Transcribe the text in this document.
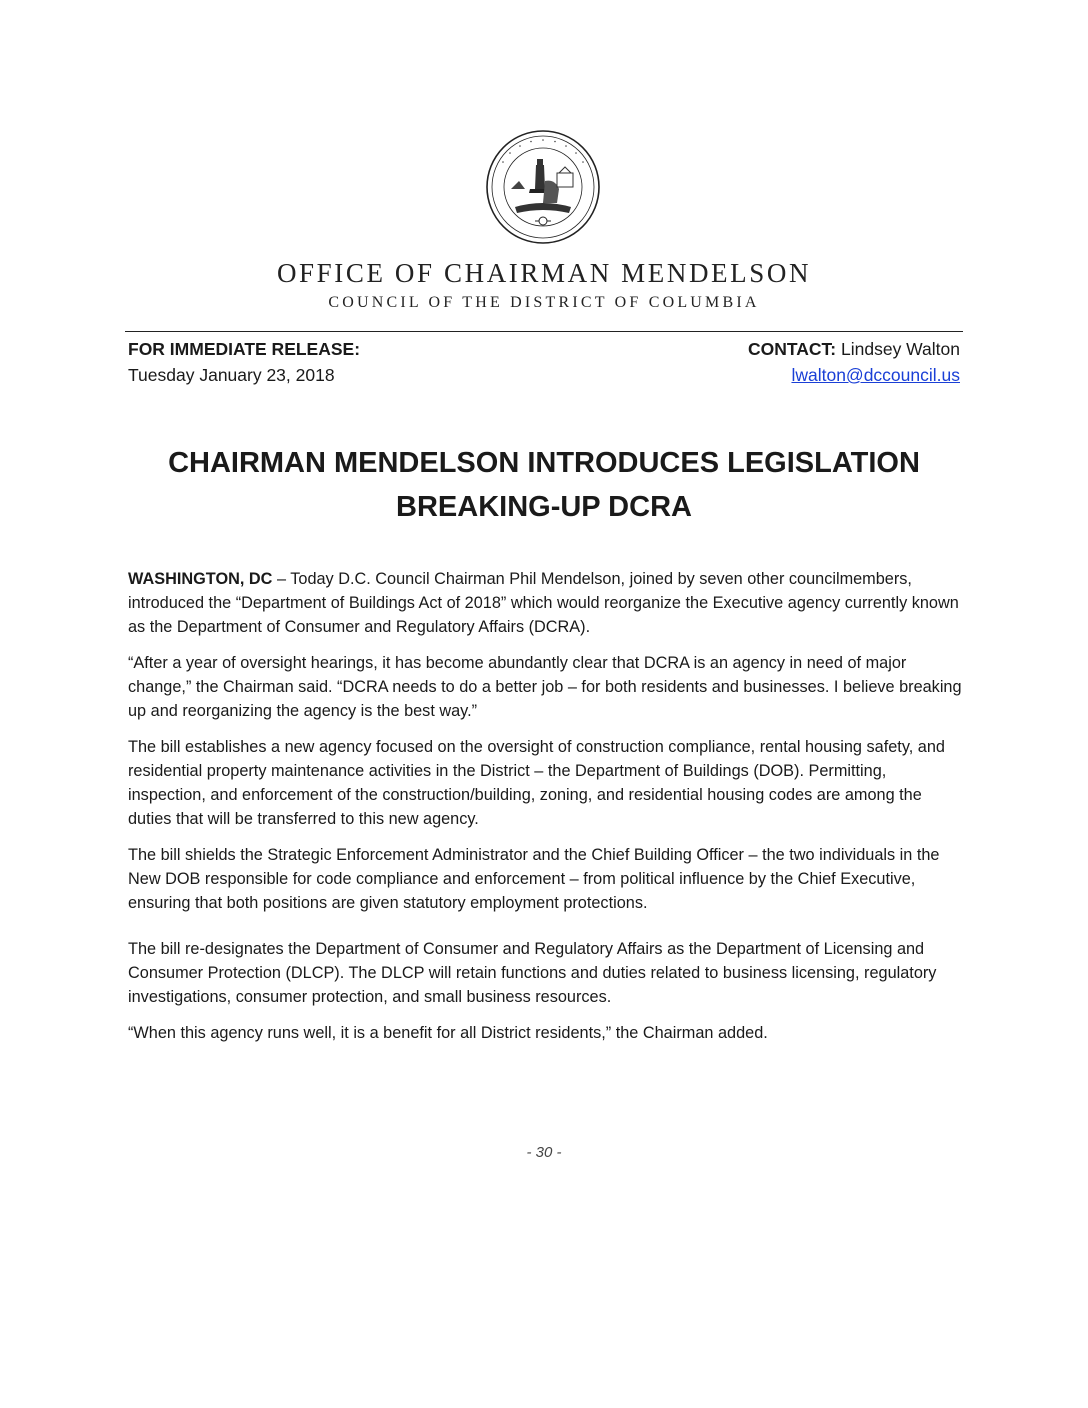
OFFICE OF CHAIRMAN MENDELSON
COUNCIL OF THE DISTRICT OF COLUMBIA
FOR IMMEDIATE RELEASE:
Tuesday January 23, 2018
CONTACT: Lindsey Walton
lwalton@dccouncil.us
CHAIRMAN MENDELSON INTRODUCES LEGISLATION
BREAKING-UP DCRA

WASHINGTON, DC – Today D.C. Council Chairman Phil Mendelson, joined by seven other councilmembers, introduced the “Department of Buildings Act of 2018” which would reorganize the Executive agency currently known as the Department of Consumer and Regulatory Affairs (DCRA).

“After a year of oversight hearings, it has become abundantly clear that DCRA is an agency in need of major change,” the Chairman said. “DCRA needs to do a better job – for both residents and businesses. I believe breaking up and reorganizing the agency is the best way.”

The bill establishes a new agency focused on the oversight of construction compliance, rental housing safety, and residential property maintenance activities in the District – the Department of Buildings (DOB). Permitting, inspection, and enforcement of the construction/building, zoning, and residential housing codes are among the duties that will be transferred to this new agency.

The bill shields the Strategic Enforcement Administrator and the Chief Building Officer – the two individuals in the New DOB responsible for code compliance and enforcement – from political influence by the Chief Executive, ensuring that both positions are given statutory employment protections.

The bill re-designates the Department of Consumer and Regulatory Affairs as the Department of Licensing and Consumer Protection (DLCP). The DLCP will retain functions and duties related to business licensing, regulatory investigations, consumer protection, and small business resources.

“When this agency runs well, it is a benefit for all District residents,” the Chairman added.

- 30 -
